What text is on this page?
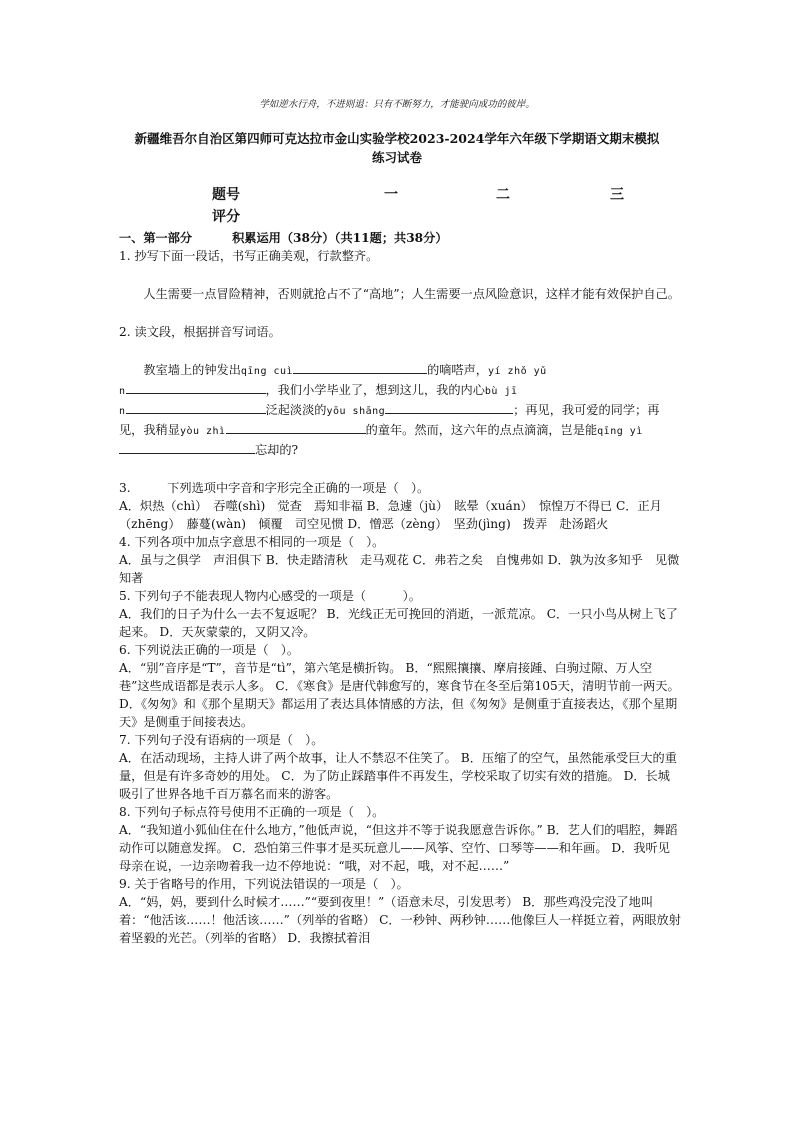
学如逆水行舟，不进则退：只有不断努力，才能驶向成功的彼岸。
新疆维吾尔自治区第四师可克达拉市金山实验学校2023-2024学年六年级下学期语文期末模拟
练习试卷
题号	一	二	三
评分

一、第一部分	积累运用（38分）（共11题；共38分）

1. 抄写下面一段话，书写正确美观，行款整齐。

人生需要一点冒险精神，否则就抢占不了“高地”；人生需要一点风险意识，这样才能有效保护自己。

2. 读文段，根据拼音写词语。

教室墙上的钟发出qīng cuì	的嘀嗒声，yí zhǒ yǔ
n	，我们小学毕业了，想到这儿，我的内心bù jī
n	泛起淡淡的yōu shāng	；再见，我可爱的同学；再见，我稍显yòu zhì	的童年。然而，这六年的点点滴滴，岂是能qīng yì忘却的?

3.　　　下列选项中字音和字形完全正确的一项是（　）。

A．炽热（chì）　吞噬(shì)　觉查　焉知非福 B．急遽（jù）　眩晕（xuán）　惊惶万不得已 C．正月（zhēng）　藤蔓(wàn)　倾覆　司空见惯 D．憎恶（zèng）　坚劲(jìng)　拨弄　赴汤蹈火

4. 下列各项中加点字意思不相同的一项是（　）。

A．虽与之俱学　声泪俱下 B．快走踏清秋　走马观花 C．弗若之矣　自愧弗如 D．孰为汝多知乎　见微知著

5. 下列句子不能表现人物内心感受的一项是（　　　）。

A．我们的日子为什么一去不复返呢？ B．光线正无可挽回的消逝，一派荒凉。 C．一只小鸟从树上飞了起来。 D．天灰蒙蒙的，又阴又冷。

6. 下列说法正确的一项是（　）。

A．“别”音序是“T”，音节是“tì”，第六笔是横折钩。 B．“熙熙攘攘、摩肩接踵、白驹过隙、万人空巷”这些成语都是表示人多。 C．《寒食》是唐代韩愈写的，寒食节在冬至后第105天，清明节前一两天。 D．《匆匆》和《那个星期天》都运用了表达具体情感的方法，但《匆匆》是侧重于直接表达，《那个星期天》是侧重于间接表达。

7. 下列句子没有语病的一项是（　）。

A．在活动现场，主持人讲了两个故事，让人不禁忍不住笑了。 B．压缩了的空气，虽然能承受巨大的重量，但是有许多奇妙的用处。 C．为了防止踩踏事件不再发生，学校采取了切实有效的措施。 D．长城吸引了世界各地千百万慕名而来的游客。

8. 下列句子标点符号使用不正确的一项是（　）。

A．“我知道小狐仙住在什么地方，”他低声说，“但这并不等于说我愿意告诉你。” B．艺人们的唱腔，舞蹈动作可以随意发挥。 C．恐怕第三件事才是买玩意儿——风筝、空竹、口琴等——和年画。 D．我听见母亲在说，一边亲吻着我一边不停地说：“哦，对不起，哦，对不起……”

9. 关于省略号的作用，下列说法错误的一项是（　）。

A．“妈，妈，要到什么时候才……”“要到夜里！”（语意未尽，引发思考） B．那些鸡没完没了地叫着：“他活该……！他活该……”（列举的省略） C．一秒钟、两秒钟……他像巨人一样挺立着，两眼放射着坚毅的光芒。（列举的省略） D．我擦拭着泪
